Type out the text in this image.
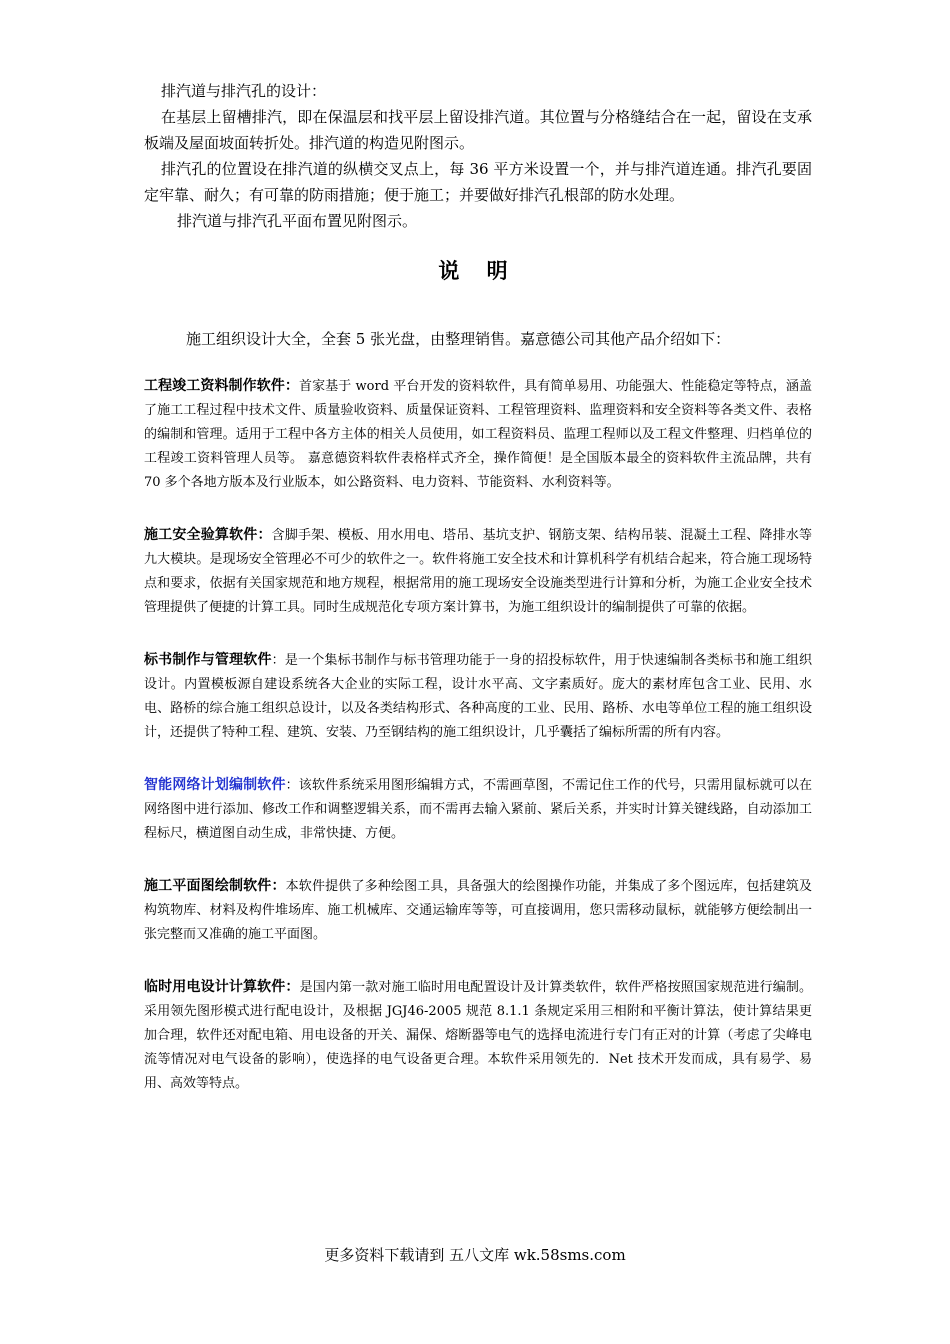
排汽道与排汽孔的设计：

在基层上留槽排汽，即在保温层和找平层上留设排汽道。其位置与分格缝结合在一起，留设在支承板端及屋面坡面转折处。排汽道的构造见附图示。

排汽孔的位置设在排汽道的纵横交叉点上，每 36 平方米设置一个，并与排汽道连通。排汽孔要固定牢靠、耐久；有可靠的防雨措施；便于施工；并要做好排汽孔根部的防水处理。

排汽道与排汽孔平面布置见附图示。

说 明

施工组织设计大全，全套 5 张光盘，由整理销售。嘉意德公司其他产品介绍如下：

工程竣工资料制作软件：首家基于 word 平台开发的资料软件，具有简单易用、功能强大、性能稳定等特点，涵盖了施工工程过程中技术文件、质量验收资料、质量保证资料、工程管理资料、监理资料和安全资料等各类文件、表格的编制和管理。适用于工程中各方主体的相关人员使用，如工程资料员、监理工程师以及工程文件整理、归档单位的工程竣工资料管理人员等。 嘉意德资料软件表格样式齐全，操作简便！是全国版本最全的资料软件主流品牌，共有 70 多个各地方版本及行业版本，如公路资料、电力资料、节能资料、水利资料等。
施工安全验算软件：含脚手架、模板、用水用电、塔吊、基坑支护、钢筋支架、结构吊装、混凝土工程、降排水等九大模块。是现场安全管理必不可少的软件之一。软件将施工安全技术和计算机科学有机结合起来，符合施工现场特点和要求，依据有关国家规范和地方规程，根据常用的施工现场安全设施类型进行计算和分析，为施工企业安全技术管理提供了便捷的计算工具。同时生成规范化专项方案计算书，为施工组织设计的编制提供了可靠的依据。
标书制作与管理软件：是一个集标书制作与标书管理功能于一身的招投标软件，用于快速编制各类标书和施工组织设计。内置模板源自建设系统各大企业的实际工程，设计水平高、文字素质好。庞大的素材库包含工业、民用、水电、路桥的综合施工组织总设计，以及各类结构形式、各种高度的工业、民用、路桥、水电等单位工程的施工组织设计，还提供了特种工程、建筑、安装、乃至钢结构的施工组织设计，几乎囊括了编标所需的所有内容。
智能网络计划编制软件：该软件系统采用图形编辑方式，不需画草图，不需记住工作的代号，只需用鼠标就可以在网络图中进行添加、修改工作和调整逻辑关系，而不需再去输入紧前、紧后关系，并实时计算关键线路，自动添加工程标尺，横道图自动生成，非常快捷、方便。
施工平面图绘制软件：本软件提供了多种绘图工具，具备强大的绘图操作功能，并集成了多个图远库，包括建筑及构筑物库、材料及构件堆场库、施工机械库、交通运输库等等，可直接调用，您只需移动鼠标，就能够方便绘制出一张完整而又准确的施工平面图。
临时用电设计计算软件：是国内第一款对施工临时用电配置设计及计算类软件，软件严格按照国家规范进行编制。采用领先图形模式进行配电设计，及根据 JGJ46-2005 规范 8.1.1 条规定采用三相附和平衡计算法，使计算结果更加合理，软件还对配电箱、用电设备的开关、漏保、熔断器等电气的选择电流进行专门有正对的计算（考虑了尖峰电流等情况对电气设备的影响），使选择的电气设备更合理。本软件采用领先的．Net 技术开发而成，具有易学、易用、高效等特点。
更多资料下载请到 五八文库 wk.58sms.com
